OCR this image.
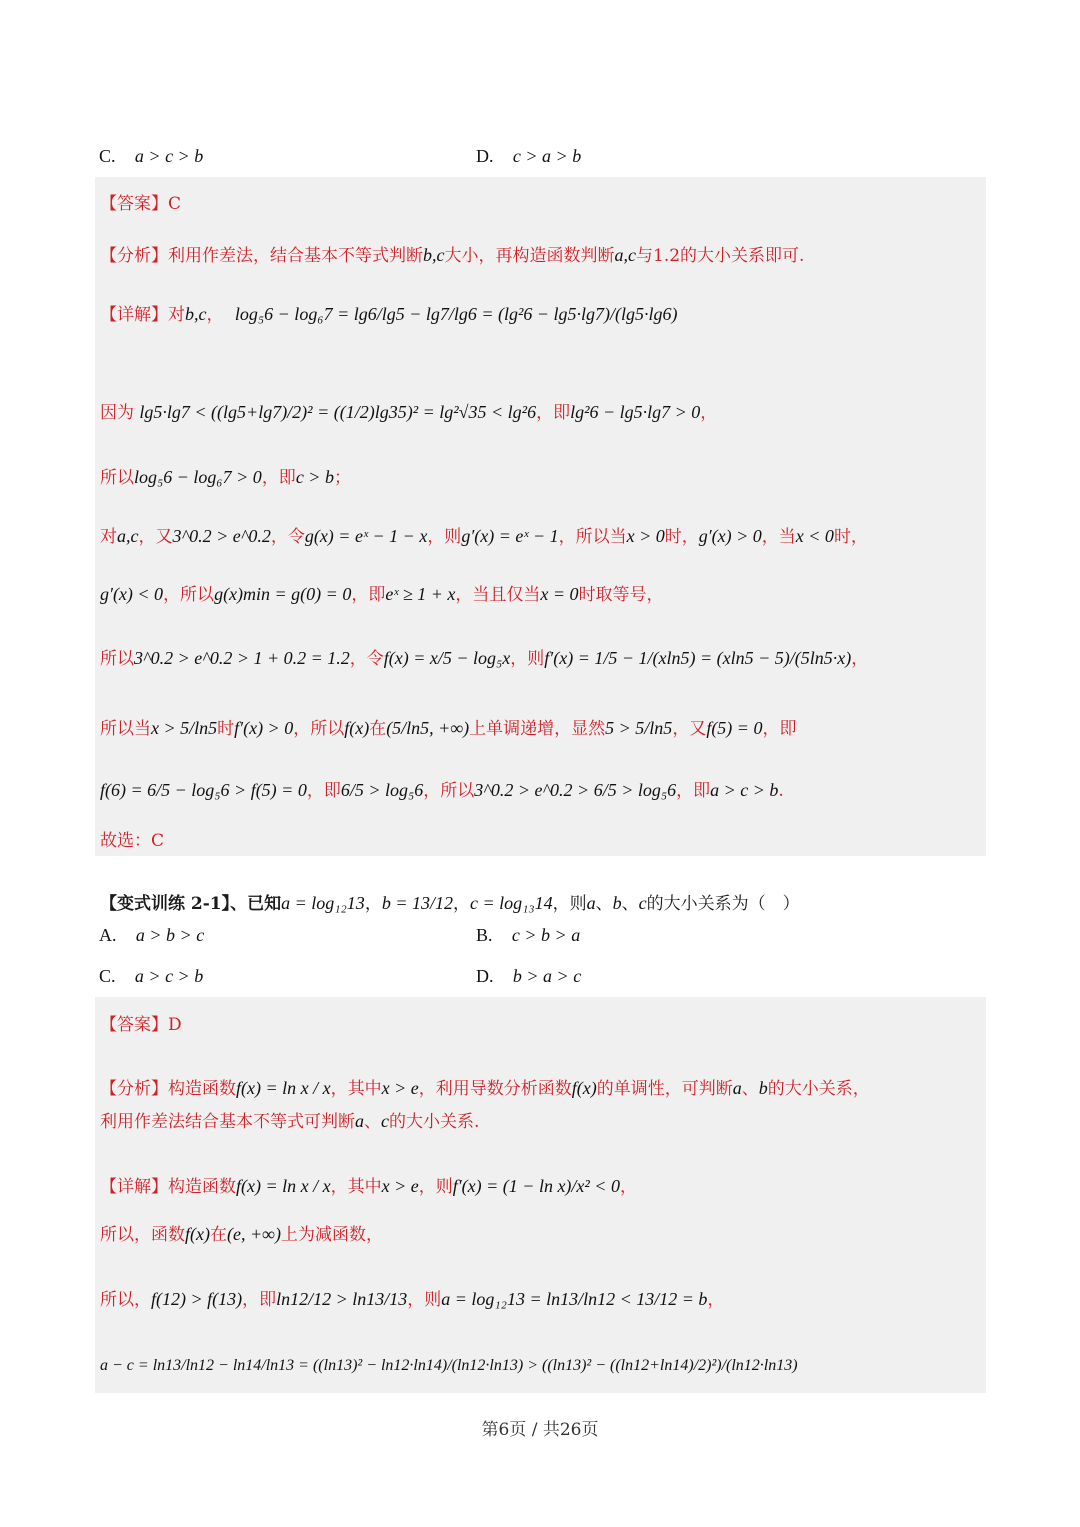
C. a > c > b	D. c > a > b
【答案】C
【分析】利用作差法，结合基本不等式判断b,c大小，再构造函数判断a,c与1.2的大小关系即可.
【详解】对b,c， log₅6 − log₆7 = lg6/lg5 − lg7/lg6 = (lg²6 − lg5·lg7)/(lg5·lg6)
因为 lg5·lg7 < ((lg5+lg7)/2)² = ((1/2)lg35)² = lg²√35 < lg²6，即lg²6 − lg5·lg7 > 0，
所以log₅6 − log₆7 > 0，即c > b；
对a,c，又3^0.2 > e^0.2，令g(x) = eˣ − 1 − x，则g′(x) = eˣ − 1，所以当x > 0时，g′(x) > 0，当x < 0时，
g′(x) < 0，所以g(x)min = g(0) = 0，即eˣ ≥ 1 + x，当且仅当x = 0时取等号，
所以3^0.2 > e^0.2 > 1 + 0.2 = 1.2，令f(x) = x/5 − log₅x，则f′(x) = 1/5 − 1/(xln5) = (xln5 − 5)/(5ln5·x)，
所以当x > 5/ln5时f′(x) > 0，所以f(x)在(5/ln5, +∞)上单调递增，显然5 > 5/ln5，又f(5) = 0，即
f(6) = 6/5 − log₅6 > f(5) = 0，即6/5 > log₅6，所以3^0.2 > e^0.2 > 6/5 > log₅6，即a > c > b.
故选：C
【变式训练 2-1】、已知a = log₁₂13，b = 13/12，c = log₁₃14，则a、b、c的大小关系为（　）
A. a > b > c	B. c > b > a
C. a > c > b	D. b > a > c
【答案】D
【分析】构造函数f(x) = ln x / x，其中x > e，利用导数分析函数f(x)的单调性，可判断a、b的大小关系，
利用作差法结合基本不等式可判断a、c的大小关系.
【详解】构造函数f(x) = ln x / x，其中x > e，则f′(x) = (1 − ln x)/x² < 0，
所以，函数f(x)在(e, +∞)上为减函数，
所以，f(12) > f(13)，即ln12/12 > ln13/13，则a = log₁₂13 = ln13/ln12 < 13/12 = b，
a − c = ln13/ln12 − ln14/ln13 = ((ln13)² − ln12·ln14)/(ln12·ln13) > ((ln13)² − ((ln12+ln14)/2)²)/(ln12·ln13)
第6页 / 共26页
